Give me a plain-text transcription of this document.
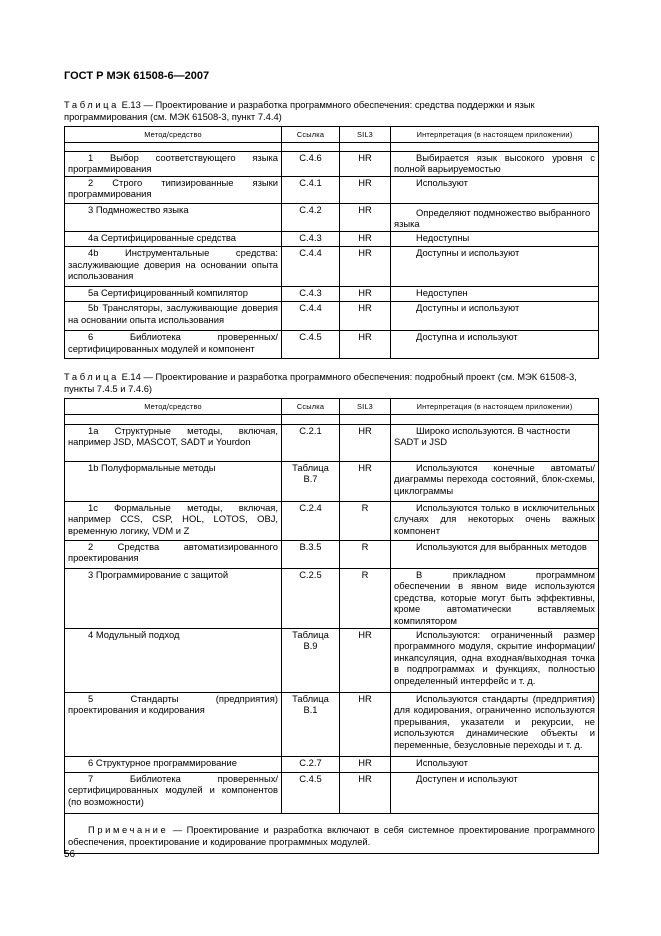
ГОСТ Р МЭК 61508-6—2007
Таблица Е.13 — Проектирование и разработка программного обеспечения: средства поддержки и язык программирования (см. МЭК 61508-3, пункт 7.4.4)
Метод/средство	Ссылка	SIL3	Интерпретация (в настоящем приложении)

1 Выбор соответствующего языка программирования	С.4.6	HR	Выбирается язык высокого уровня с полной варьируемостью
2 Строго типизированные языки программирования	С.4.1	HR	Используют
3 Подмножество языка	С.4.2	HR	Определяют подмножество выбранного языка
4а Сертифицированные средства	С.4.3	HR	Недоступны
4b Инструментальные средства: заслуживающие доверия на основании опыта использования	С.4.4	HR	Доступны и используют
5а Сертифицированный компилятор	С.4.3	HR	Недоступен
5b Трансляторы, заслуживающие доверия на основании опыта использования	С.4.4	HR	Доступны и используют
6 Библиотека проверенных/сертифицированных модулей и компонент	С.4.5	HR	Доступна и используют
Таблица Е.14 — Проектирование и разработка программного обеспечения: подробный проект (см. МЭК 61508-3, пункты 7.4.5 и 7.4.6)
Метод/средство	Ссылка	SIL3	Интерпретация (в настоящем приложении)

1а Структурные методы, включая, например JSD, MASCOT, SADT и Yourdon	С.2.1	HR	Широко используются. В частности SADT и JSD
1b Полуформальные методы	Таблица В.7	HR	Используются конечные автоматы/диаграммы перехода состояний, блок-схемы, циклограммы
1с Формальные методы, включая, например CCS, CSP, HOL, LOTOS, OBJ, временную логику, VDM и Z	С.2.4	R	Используются только в исключительных случаях для некоторых очень важных компонент
2 Средства автоматизированного проектирования	В.3.5	R	Используются для выбранных методов
3 Программирование с защитой	С.2.5	R	В прикладном программном обеспечении в явном виде используются средства, которые могут быть эффективны, кроме автоматически вставляемых компилятором
4 Модульный подход	Таблица В.9	HR	Используются: ограниченный размер программного модуля, скрытие информации/инкапсуляция, одна входная/выходная точка в подпрограммах и функциях, полностью определенный интерфейс и т. д.
5 Стандарты (предприятия) проектирования и кодирования	Таблица В.1	HR	Используются стандарты (предприятия) для кодирования, ограниченно используются прерывания, указатели и рекурсии, не используются динамические объекты и переменные, безусловные переходы и т. д.
6 Структурное программирование	С.2.7	HR	Используют
7 Библиотека проверенных/сертифицированных модулей и компонентов (по возможности)	С.4.5	HR	Доступен и используют
Примечание — Проектирование и разработка включают в себя системное проектирование программного обеспечения, проектирование и кодирование программных модулей.			
56
